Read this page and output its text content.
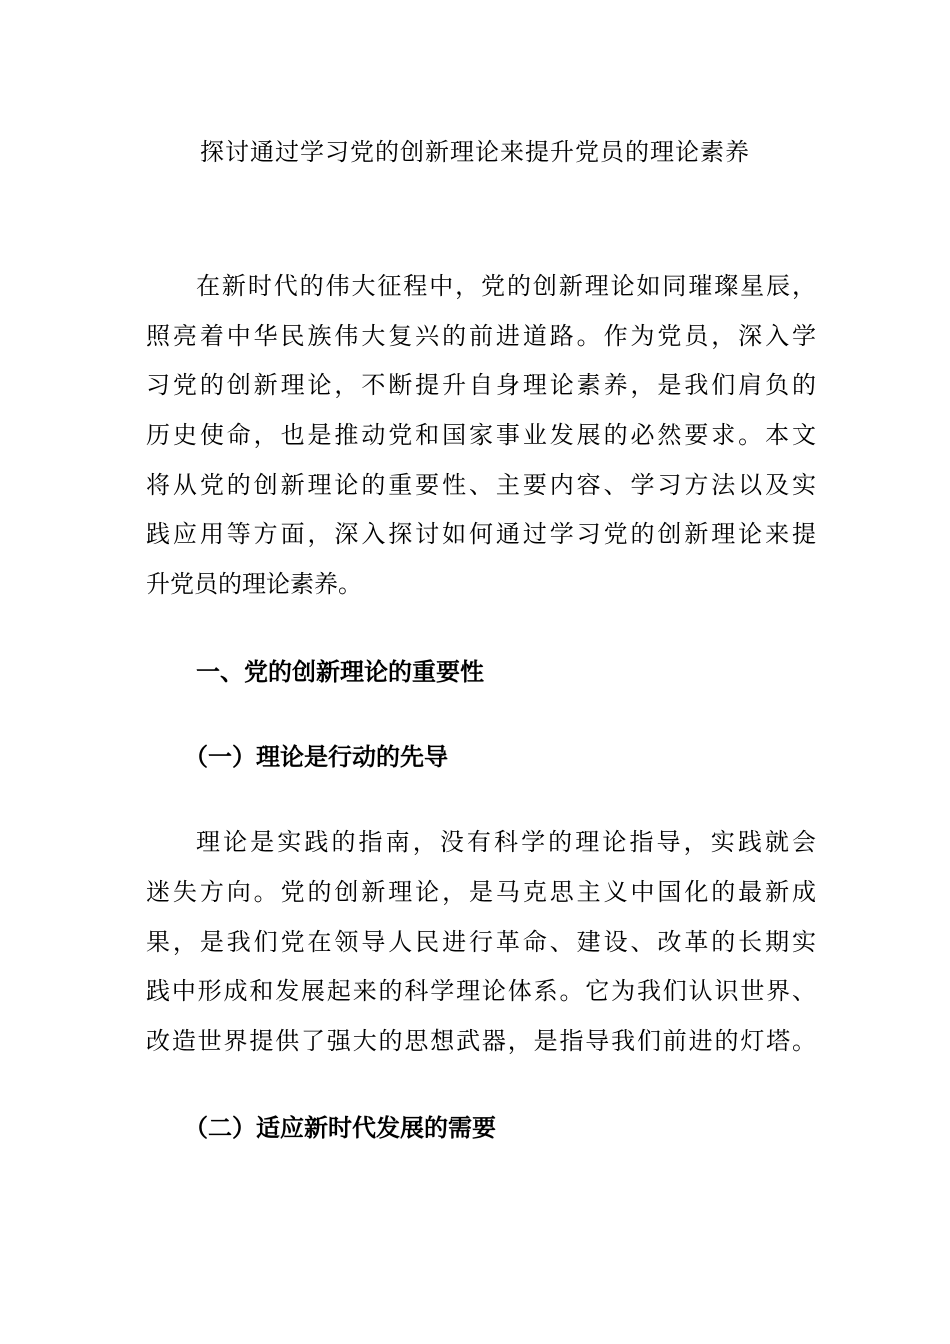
探讨通过学习党的创新理论来提升党员的理论素养
在新时代的伟大征程中，党的创新理论如同璀璨星辰，
照亮着中华民族伟大复兴的前进道路。作为党员，深入学
习党的创新理论，不断提升自身理论素养，是我们肩负的
历史使命，也是推动党和国家事业发展的必然要求。本文
将从党的创新理论的重要性、主要内容、学习方法以及实
践应用等方面，深入探讨如何通过学习党的创新理论来提
升党员的理论素养。
一、党的创新理论的重要性
（一）理论是行动的先导
理论是实践的指南，没有科学的理论指导，实践就会
迷失方向。党的创新理论，是马克思主义中国化的最新成
果，是我们党在领导人民进行革命、建设、改革的长期实
践中形成和发展起来的科学理论体系。它为我们认识世界、
改造世界提供了强大的思想武器，是指导我们前进的灯塔。
（二）适应新时代发展的需要
